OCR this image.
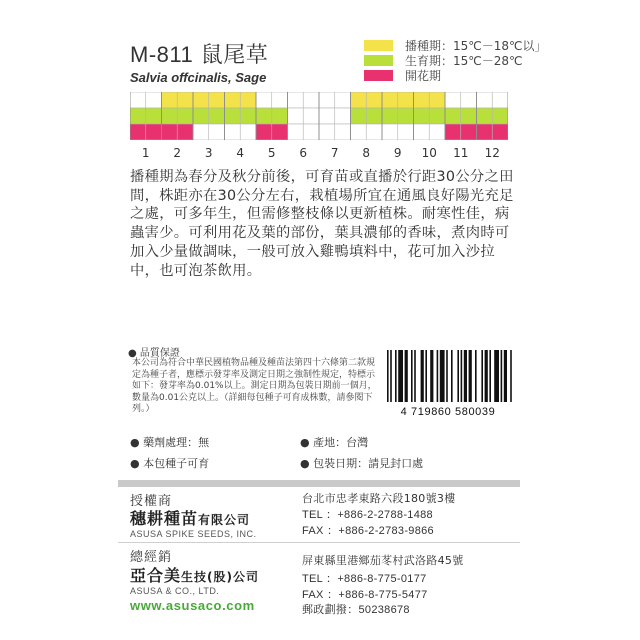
M-811 鼠尾草
Salvia offcinalis, Sage
播種期：15℃－18℃以」
生育期：15℃－28℃
開花期
1	2	3	4	5	6	7	8	9	10 11 12
播種期為春分及秋分前後，可育苗或直播於行距30公分之田間，株距亦在30公分左右，栽植場所宜在通風良好陽光充足之處，可多年生，但需修整枝條以更新植株。耐寒性佳，病蟲害少。可利用花及葉的部份，葉具濃郁的香味，煮肉時可加入少量做調味，一般可放入雞鴨填料中，花可加入沙拉中，也可泡茶飲用。
● 品質保證
本公司為符合中華民國植物品種及種苗法第四十六條第二款規定為種子者，應標示發芽率及測定日期之強制性規定，特標示如下：發芽率為0.01%以上。測定日期為包裝日期前一個月，數量為0.01公克以上。（詳細每包種子可育成株數，請參閱下列。）	4 719860 580039
● 藥劑處理：無	● 產地：台灣
● 本包種子可育	● 包裝日期：請見封口處
授權商
穗耕種苗有限公司
ASUSA SPIKE SEEDS, INC.
台北市忠孝東路六段180號3樓
TEL ：+886-2-2788-1488
FAX ：+886-2-2783-9866
總經銷
亞合美生技(股)公司
ASUSA & CO., LTD.
www.asusaco.com
屏東縣里港鄉茄苳村武洛路45號
TEL ：+886-8-775-0177
FAX ：+886-8-775-5477
郵政劃撥：50238678
